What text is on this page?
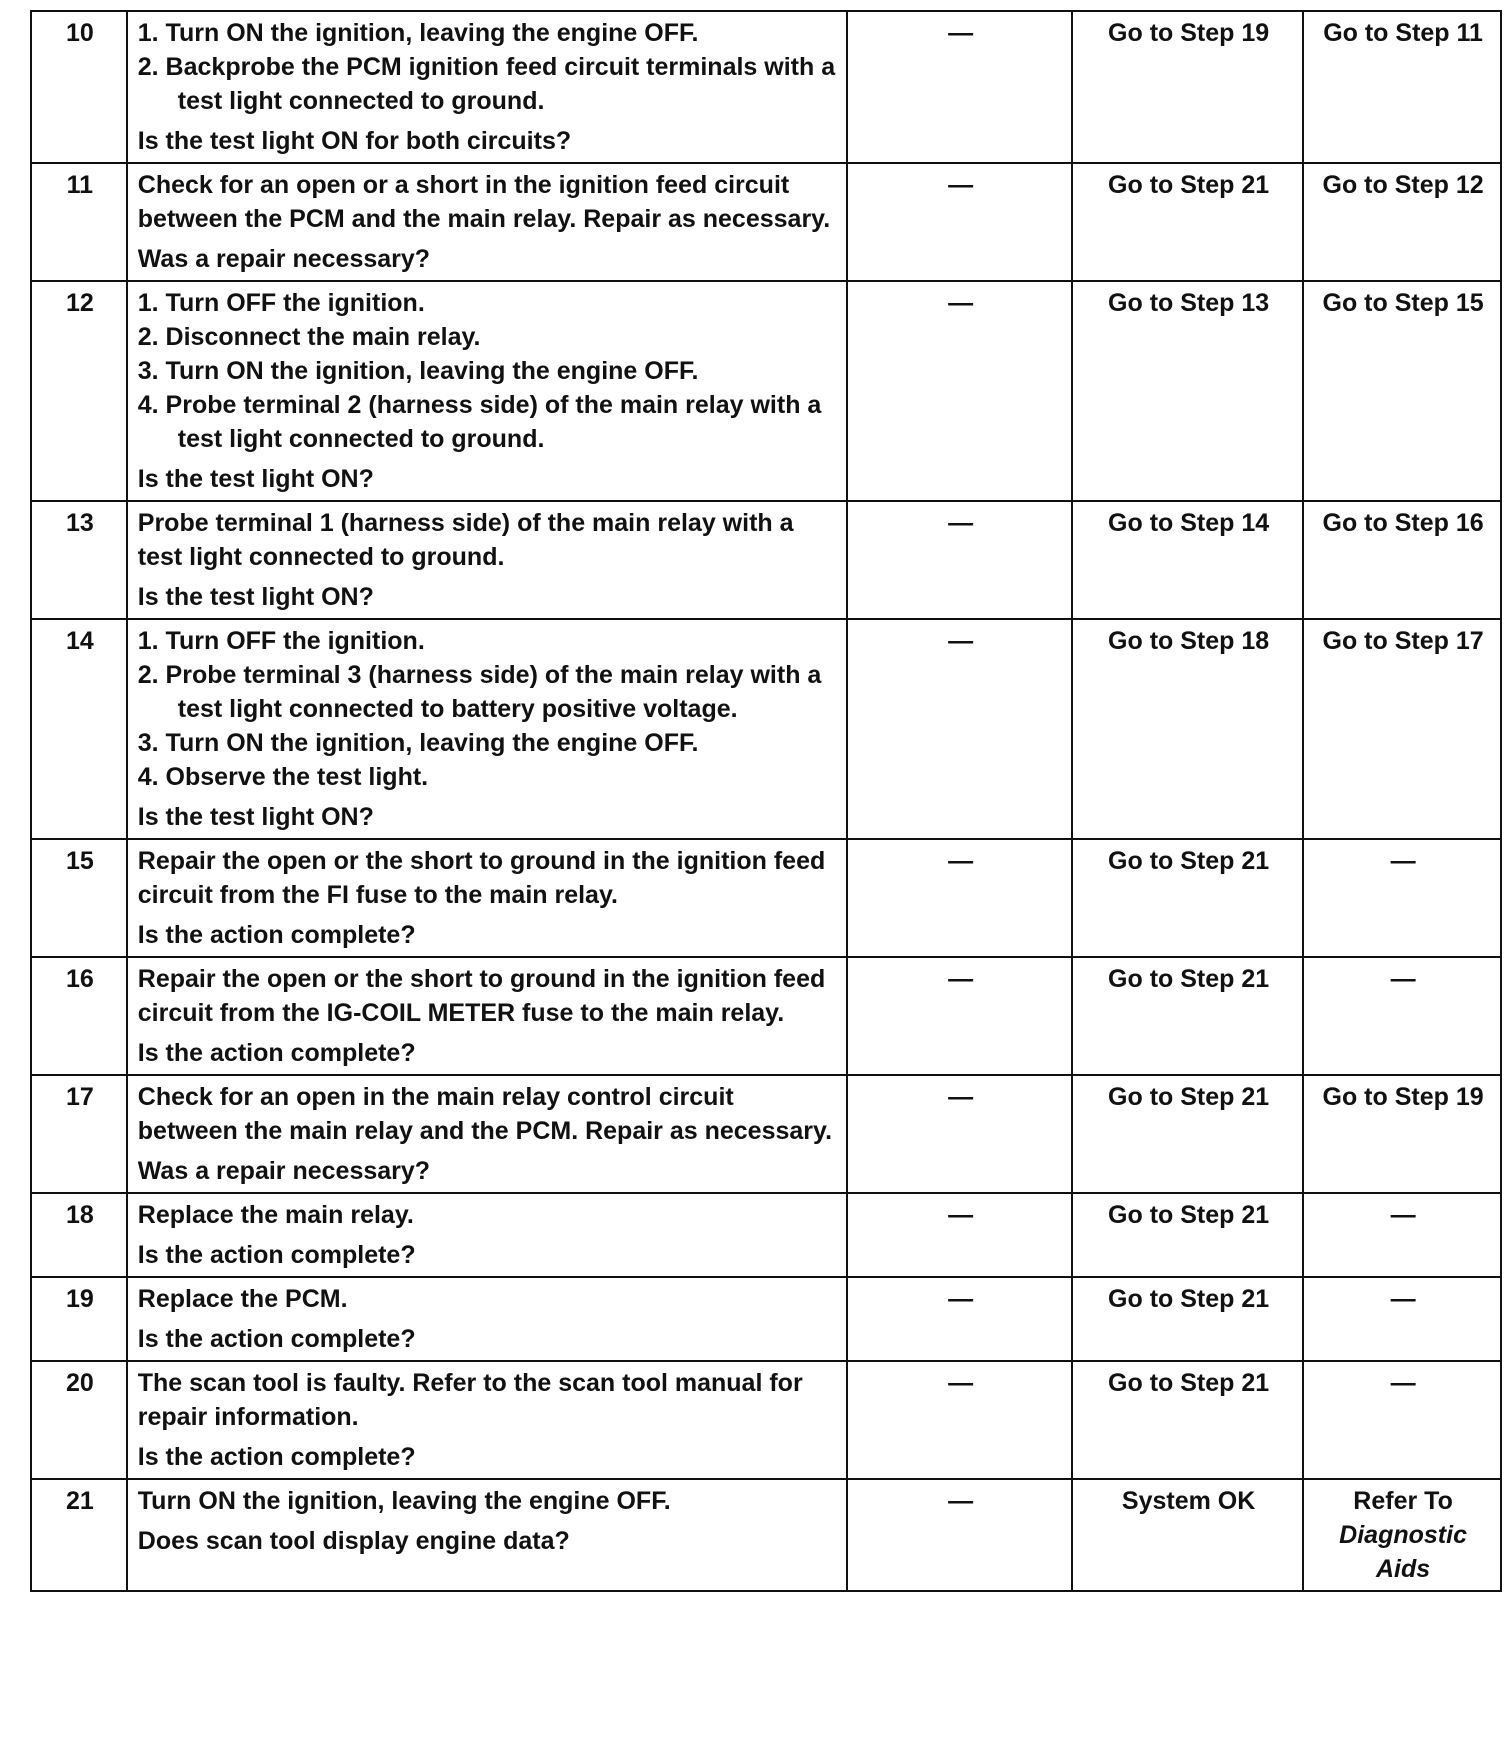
10	1. Turn ON the ignition, leaving the engine OFF.
2. Backprobe the PCM ignition feed circuit terminals with a test light connected to ground.
Is the test light ON for both circuits?	—	Go to Step 19	Go to Step 11

11	Check for an open or a short in the ignition feed circuit between the PCM and the main relay. Repair as necessary.
Was a repair necessary?	—	Go to Step 21	Go to Step 12

12	1. Turn OFF the ignition.
2. Disconnect the main relay.
3. Turn ON the ignition, leaving the engine OFF.
4. Probe terminal 2 (harness side) of the main relay with a test light connected to ground.
Is the test light ON?	—	Go to Step 13	Go to Step 15

13	Probe terminal 1 (harness side) of the main relay with a test light connected to ground.
Is the test light ON?	—	Go to Step 14	Go to Step 16

14	1. Turn OFF the ignition.
2. Probe terminal 3 (harness side) of the main relay with a test light connected to battery positive voltage.
3. Turn ON the ignition, leaving the engine OFF.
4. Observe the test light.
Is the test light ON?	—	Go to Step 18	Go to Step 17

15	Repair the open or the short to ground in the ignition feed circuit from the FI fuse to the main relay.
Is the action complete?	—	Go to Step 21	—

16	Repair the open or the short to ground in the ignition feed circuit from the IG-COIL METER fuse to the main relay.
Is the action complete?	—	Go to Step 21	—

17	Check for an open in the main relay control circuit between the main relay and the PCM. Repair as necessary.
Was a repair necessary?	—	Go to Step 21	Go to Step 19

18	Replace the main relay.
Is the action complete?	—	Go to Step 21	—

19	Replace the PCM.
Is the action complete?	—	Go to Step 21	—

20	The scan tool is faulty. Refer to the scan tool manual for repair information.
Is the action complete?	—	Go to Step 21	—

21	Turn ON the ignition, leaving the engine OFF.
Does scan tool display engine data?	—	System OK	Refer To
Diagnostic Aids
